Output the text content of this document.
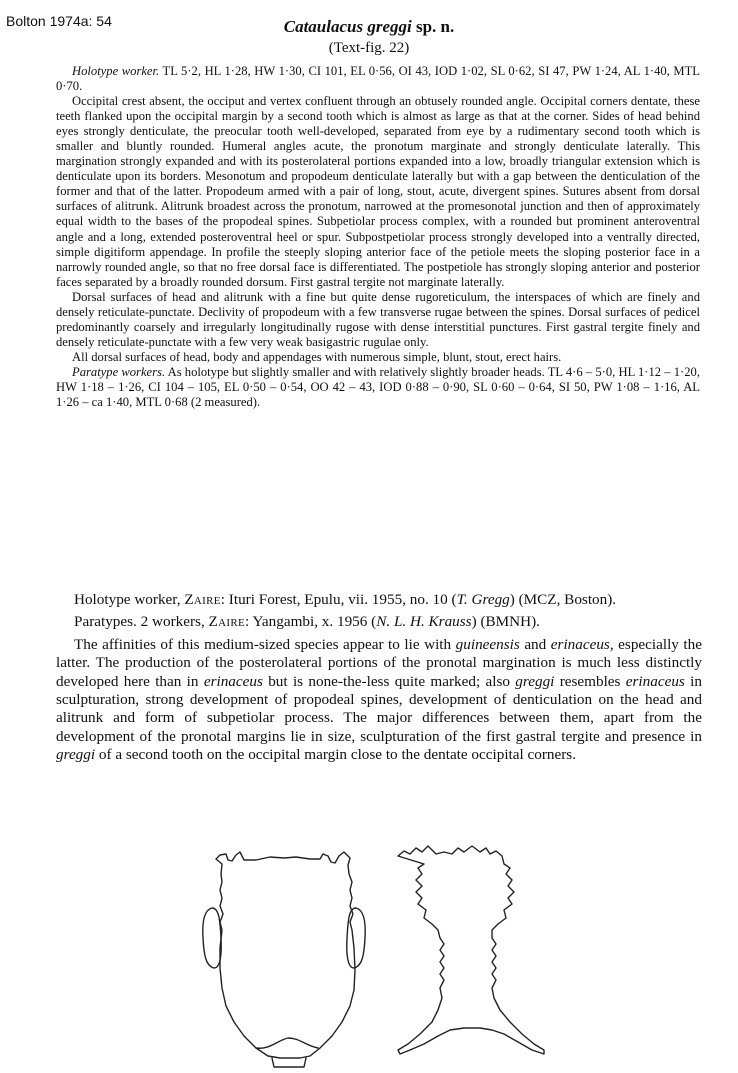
Bolton 1974a: 54	Cataulacus greggi sp. n.
(Text-fig. 22)

Holotype worker. TL 5·2, HL 1·28, HW 1·30, CI 101, EL 0·56, OI 43, IOD 1·02, SL 0·62, SI 47, PW 1·24, AL 1·40, MTL 0·70.

Occipital crest absent, the occiput and vertex confluent through an obtusely rounded angle. Occipital corners dentate, these teeth flanked upon the occipital margin by a second tooth which is almost as large as that at the corner. Sides of head behind eyes strongly denticulate, the preocular tooth well-developed, separated from eye by a rudimentary second tooth which is smaller and bluntly rounded. Humeral angles acute, the pronotum marginate and strongly denticulate laterally. This margination strongly expanded and with its posterolateral portions expanded into a low, broadly triangular extension which is denticulate upon its borders. Mesonotum and propodeum denticulate laterally but with a gap between the denticulation of the former and that of the latter. Propodeum armed with a pair of long, stout, acute, divergent spines. Sutures absent from dorsal surfaces of alitrunk. Alitrunk broadest across the pronotum, narrowed at the promesonotal junction and then of approximately equal width to the bases of the propodeal spines. Subpetiolar process complex, with a rounded but prominent anteroventral angle and a long, extended posteroventral heel or spur. Subpostpetiolar process strongly developed into a ventrally directed, simple digitiform appendage. In profile the steeply sloping anterior face of the petiole meets the sloping posterior face in a narrowly rounded angle, so that no free dorsal face is differentiated. The postpetiole has strongly sloping anterior and posterior faces separated by a broadly rounded dorsum. First gastral tergite not marginate laterally.

Dorsal surfaces of head and alitrunk with a fine but quite dense rugoreticulum, the interspaces of which are finely and densely reticulate-punctate. Declivity of propodeum with a few transverse rugae between the spines. Dorsal surfaces of pedicel predominantly coarsely and irregularly longitudinally rugose with dense interstitial punctures. First gastral tergite finely and densely reticulate-punctate with a few very weak basigastric rugulae only.

All dorsal surfaces of head, body and appendages with numerous simple, blunt, stout, erect hairs.

Paratype workers. As holotype but slightly smaller and with relatively slightly broader heads. TL 4·6 – 5·0, HL 1·12 – 1·20, HW 1·18 – 1·26, CI 104 – 105, EL 0·50 – 0·54, OO 42 – 43, IOD 0·88 – 0·90, SL 0·60 – 0·64, SI 50, PW 1·08 – 1·16, AL 1·26 – ca 1·40, MTL 0·68 (2 measured).

Holotype worker, Zaire: Ituri Forest, Epulu, vii. 1955, no. 10 (T. Gregg) (MCZ, Boston).

Paratypes. 2 workers, Zaire: Yangambi, x. 1956 (N. L. H. Krauss) (BMNH).

The affinities of this medium-sized species appear to lie with guineensis and erinaceus, especially the latter. The production of the posterolateral portions of the pronotal margination is much less distinctly developed here than in erinaceus but is none-the-less quite marked; also greggi resembles erinaceus in sculpturation, strong development of propodeal spines, development of denticulation on the head and alitrunk and form of subpetiolar process. The major differences between them, apart from the development of the pronotal margins lie in size, sculpturation of the first gastral tergite and presence in greggi of a second tooth on the occipital margin close to the dentate occipital corners.
